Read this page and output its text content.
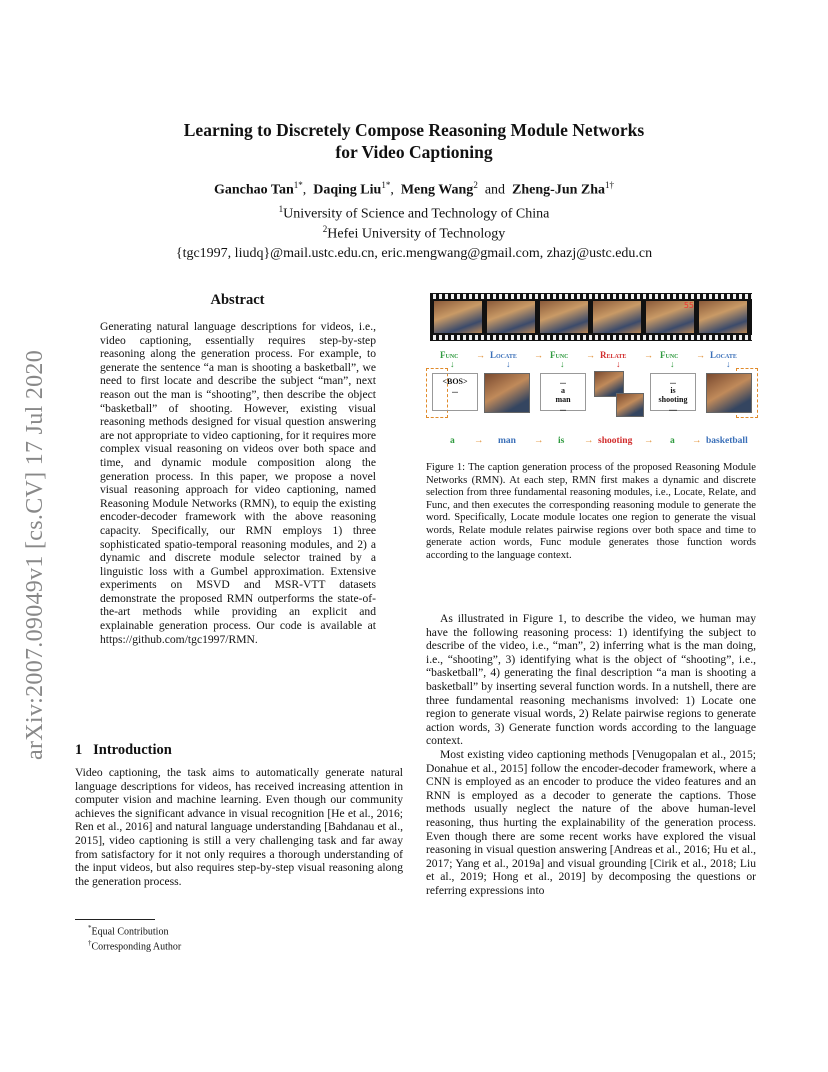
Learning to Discretely Compose Reasoning Module Networks
for Video Captioning
Ganchao Tan$^{1*}$, Daqing Liu$^{1*}$, Meng Wang$^2$ and Zheng-Jun Zha$^{1\dagger}$
$^1$University of Science and Technology of China
$^2$Hefei University of Technology
{tgc1997, liudq}@mail.ustc.edu.cn, eric.mengwang@gmail.com, zhazj@ustc.edu.cn
arXiv:2007.09049v1 [cs.CV] 17 Jul 2020
Abstract
Generating natural language descriptions for videos, i.e., video captioning, essentially requires step-by-step reasoning along the generation process. For example, to generate the sentence “a man is shooting a basketball”, we need to first locate and describe the subject “man”, next reason out the man is “shooting”, then describe the object “basketball” of shooting. However, existing visual reasoning methods designed for visual question answering are not appropriate to video captioning, for it requires more complex visual reasoning on videos over both space and time, and dynamic module composition along the generation process. In this paper, we propose a novel visual reasoning approach for video captioning, named Reasoning Module Networks (RMN), to equip the existing encoder-decoder framework with the above reasoning capacity. Specifically, our RMN employs 1) three sophisticated spatio-temporal reasoning modules, and 2) a dynamic and discrete module selector trained by a linguistic loss with a Gumbel approximation. Extensive experiments on MSVD and MSR-VTT datasets demonstrate the proposed RMN outperforms the state-of-the-art methods while providing an explicit and explainable generation process. Our code is available at https://github.com/tgc1997/RMN.
1 Introduction
Video captioning, the task aims to automatically generate natural language descriptions for videos, has received increasing attention in computer vision and machine learning. Even though our community achieves the significant advance in visual recognition [He et al., 2016; Ren et al., 2016] and natural language understanding [Bahdanau et al., 2015], video captioning is still a very challenging task and far away from satisfactory for it not only requires a thorough understanding of the input videos, but also requires step-by-step visual reasoning along the generation process.
*Equal Contribution
†Corresponding Author
55
Func → Locate → Func → Relate → Func → Locate
↓	↓	↓	↓	↓	↓
<BOS>
...
...
a
man
...
...
is
shooting
....
a → man → is → shooting → a → basketball
Figure 1: The caption generation process of the proposed Reasoning Module Networks (RMN). At each step, RMN first makes a dynamic and discrete selection from three fundamental reasoning modules, i.e., Locate, Relate, and Func, and then executes the corresponding reasoning module to generate the word. Specifically, Locate module locates one region to generate the visual words, Relate module relates pairwise regions over both space and time to generate action words, Func module generates those function words according to the language context.

As illustrated in Figure 1, to describe the video, we human may have the following reasoning process: 1) identifying the subject to describe of the video, i.e., “man”, 2) inferring what is the man doing, i.e., “shooting”, 3) identifying what is the object of “shooting”, i.e., “basketball”, 4) generating the final description “a man is shooting a basketball” by inserting several function words. In a nutshell, there are three fundamental reasoning mechanisms involved: 1) Locate one region to generate visual words, 2) Relate pairwise regions to generate action words, 3) Generate function words according to the language context.

Most existing video captioning methods [Venugopalan et al., 2015; Donahue et al., 2015] follow the encoder-decoder framework, where a CNN is employed as an encoder to produce the video features and an RNN is employed as a decoder to generate the captions. Those methods usually neglect the nature of the above human-level reasoning, thus hurting the explainability of the generation process. Even though there are some recent works have explored the visual reasoning in visual question answering [Andreas et al., 2016; Hu et al., 2017; Yang et al., 2019a] and visual grounding [Cirik et al., 2018; Liu et al., 2019; Hong et al., 2019] by decomposing the questions or referring expressions into
